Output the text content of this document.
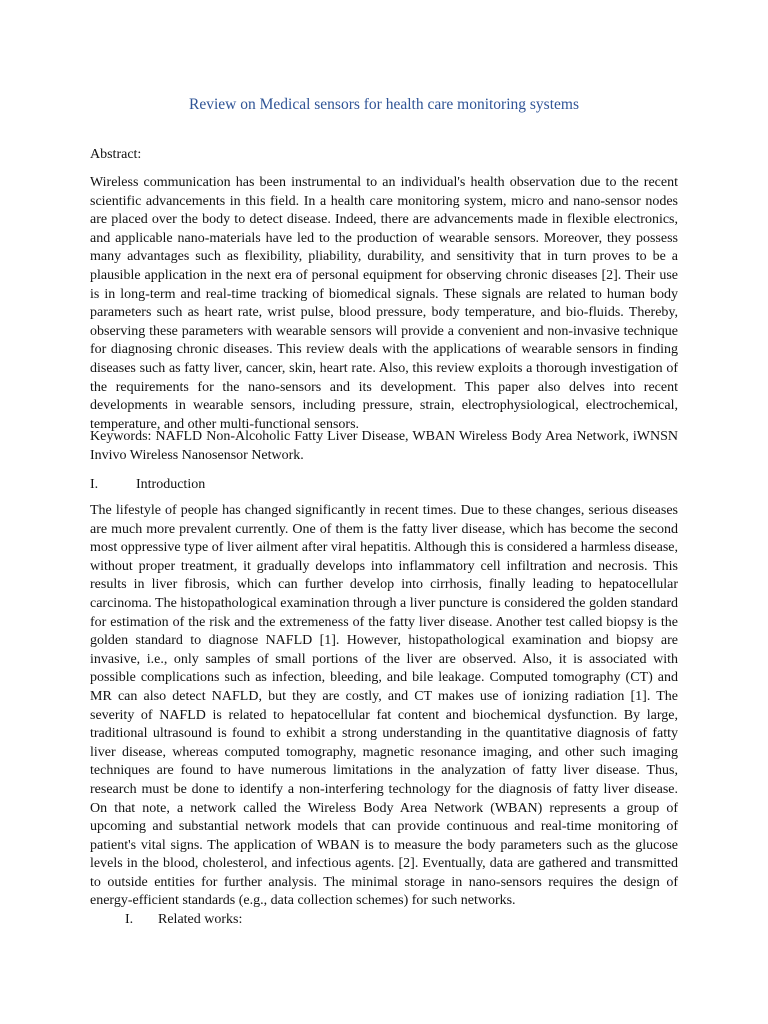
Review on Medical sensors for health care monitoring systems
Abstract:
Wireless communication has been instrumental to an individual's health observation due to the recent scientific advancements in this field. In a health care monitoring system, micro and nano-sensor nodes are placed over the body to detect disease. Indeed, there are advancements made in flexible electronics, and applicable nano-materials have led to the production of wearable sensors. Moreover, they possess many advantages such as flexibility, pliability, durability, and sensitivity that in turn proves to be a plausible application in the next era of personal equipment for observing chronic diseases [2]. Their use is in long-term and real-time tracking of biomedical signals. These signals are related to human body parameters such as heart rate, wrist pulse, blood pressure, body temperature, and bio-fluids. Thereby, observing these parameters with wearable sensors will provide a convenient and non-invasive technique for diagnosing chronic diseases. This review deals with the applications of wearable sensors in finding diseases such as fatty liver, cancer, skin, heart rate. Also, this review exploits a thorough investigation of the requirements for the nano-sensors and its development. This paper also delves into recent developments in wearable sensors, including pressure, strain, electrophysiological, electrochemical, temperature, and other multi-functional sensors.
Keywords: NAFLD Non-Alcoholic Fatty Liver Disease, WBAN Wireless Body Area Network, iWNSN Invivo Wireless Nanosensor Network.
I.	Introduction
The lifestyle of people has changed significantly in recent times. Due to these changes, serious diseases are much more prevalent currently. One of them is the fatty liver disease, which has become the second most oppressive type of liver ailment after viral hepatitis. Although this is considered a harmless disease, without proper treatment, it gradually develops into inflammatory cell infiltration and necrosis. This results in liver fibrosis, which can further develop into cirrhosis, finally leading to hepatocellular carcinoma. The histopathological examination through a liver puncture is considered the golden standard for estimation of the risk and the extremeness of the fatty liver disease. Another test called biopsy is the golden standard to diagnose NAFLD [1]. However, histopathological examination and biopsy are invasive, i.e., only samples of small portions of the liver are observed. Also, it is associated with possible complications such as infection, bleeding, and bile leakage. Computed tomography (CT) and MR can also detect NAFLD, but they are costly, and CT makes use of ionizing radiation [1]. The severity of NAFLD is related to hepatocellular fat content and biochemical dysfunction. By large, traditional ultrasound is found to exhibit a strong understanding in the quantitative diagnosis of fatty liver disease, whereas computed tomography, magnetic resonance imaging, and other such imaging techniques are found to have numerous limitations in the analyzation of fatty liver disease. Thus, research must be done to identify a non-interfering technology for the diagnosis of fatty liver disease. On that note, a network called the Wireless Body Area Network (WBAN) represents a group of upcoming and substantial network models that can provide continuous and real-time monitoring of patient's vital signs. The application of WBAN is to measure the body parameters such as the glucose levels in the blood, cholesterol, and infectious agents. [2]. Eventually, data are gathered and transmitted to outside entities for further analysis. The minimal storage in nano-sensors requires the design of energy-efficient standards (e.g., data collection schemes) for such networks.
I. Related works:
